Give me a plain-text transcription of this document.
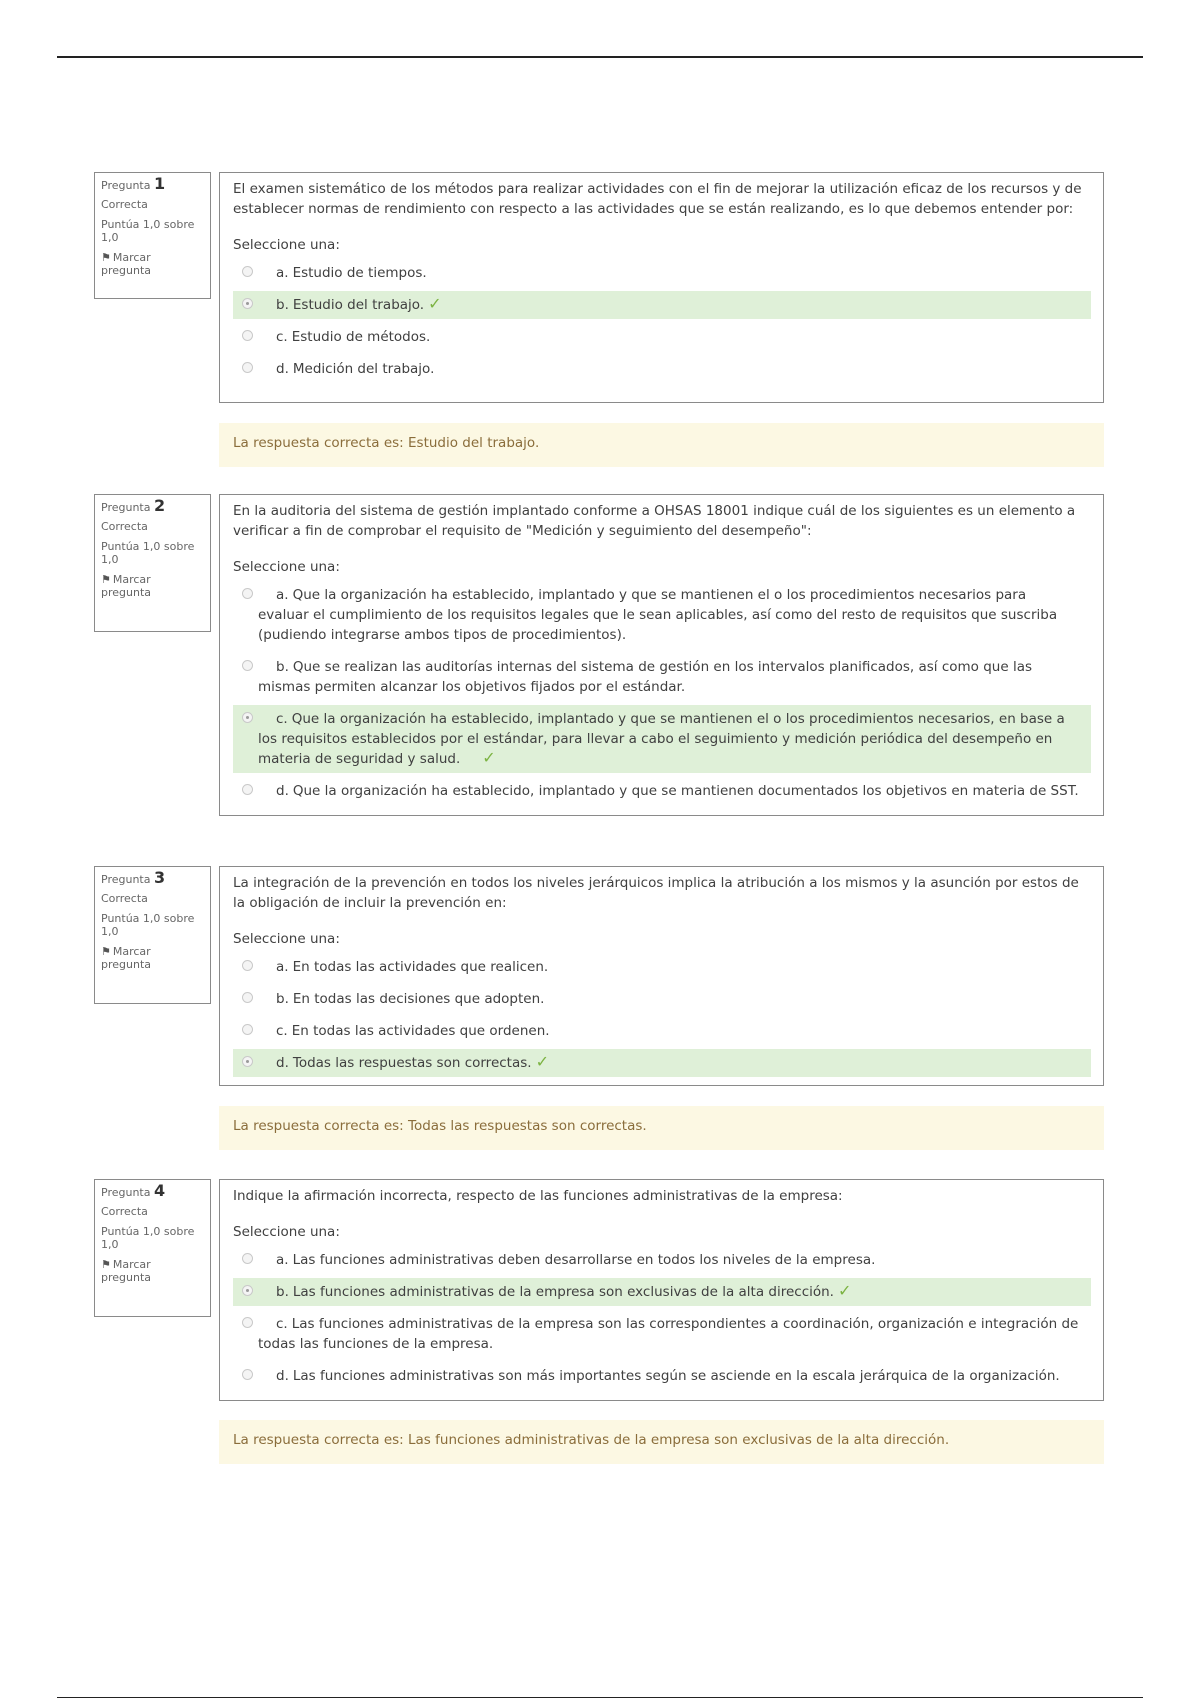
Pregunta 1
Correcta
Puntúa 1,0 sobre 1,0
⚑ Marcar pregunta

El examen sistemático de los métodos para realizar actividades con el fin de mejorar la utilización eficaz de los recursos y de establecer normas de rendimiento con respecto a las actividades que se están realizando, es lo que debemos entender por:

Seleccione una:

a. Estudio de tiempos.
b. Estudio del trabajo. ✓
c. Estudio de métodos.
d. Medición del trabajo.
La respuesta correcta es: Estudio del trabajo.
Pregunta 2
Correcta
Puntúa 1,0 sobre 1,0
⚑ Marcar pregunta

En la auditoria del sistema de gestión implantado conforme a OHSAS 18001 indique cuál de los siguientes es un elemento a verificar a fin de comprobar el requisito de "Medición y seguimiento del desempeño":

Seleccione una:

a. Que la organización ha establecido, implantado y que se mantienen el o los procedimientos necesarios para evaluar el cumplimiento de los requisitos legales que le sean aplicables, así como del resto de requisitos que suscriba (pudiendo integrarse ambos tipos de procedimientos).
b. Que se realizan las auditorías internas del sistema de gestión en los intervalos planificados, así como que las mismas permiten alcanzar los objetivos fijados por el estándar.
c. Que la organización ha establecido, implantado y que se mantienen el o los procedimientos necesarios, en base a los requisitos establecidos por el estándar, para llevar a cabo el seguimiento y medición periódica del desempeño en materia de seguridad y salud. ✓
d. Que la organización ha establecido, implantado y que se mantienen documentados los objetivos en materia de SST.
Pregunta 3
Correcta
Puntúa 1,0 sobre 1,0
⚑ Marcar pregunta

La integración de la prevención en todos los niveles jerárquicos implica la atribución a los mismos y la asunción por estos de la obligación de incluir la prevención en:

Seleccione una:

a. En todas las actividades que realicen.
b. En todas las decisiones que adopten.
c. En todas las actividades que ordenen.
d. Todas las respuestas son correctas. ✓
La respuesta correcta es: Todas las respuestas son correctas.
Pregunta 4
Correcta
Puntúa 1,0 sobre 1,0
⚑ Marcar pregunta

Indique la afirmación incorrecta, respecto de las funciones administrativas de la empresa:

Seleccione una:

a. Las funciones administrativas deben desarrollarse en todos los niveles de la empresa.
b. Las funciones administrativas de la empresa son exclusivas de la alta dirección. ✓
c. Las funciones administrativas de la empresa son las correspondientes a coordinación, organización e integración de todas las funciones de la empresa.
d. Las funciones administrativas son más importantes según se asciende en la escala jerárquica de la organización.
La respuesta correcta es: Las funciones administrativas de la empresa son exclusivas de la alta dirección.
